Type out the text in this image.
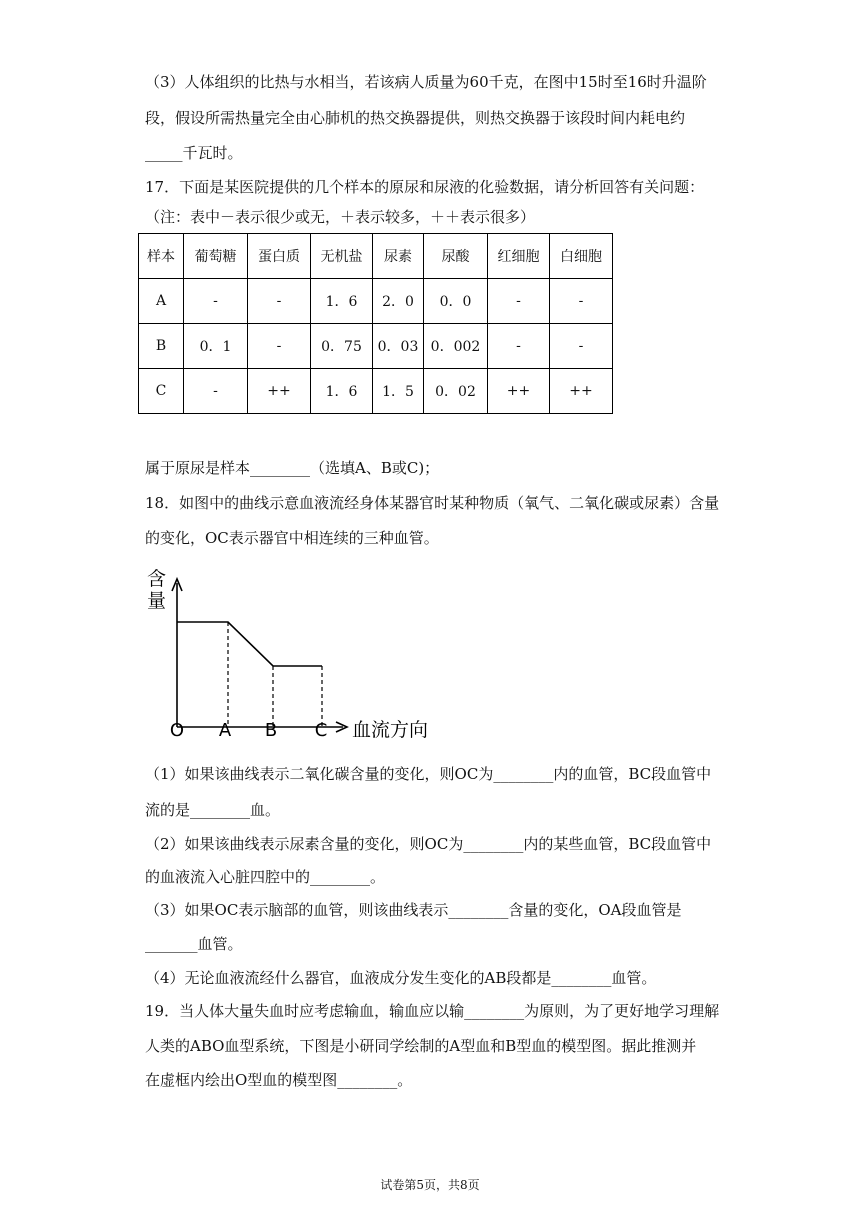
（3）人体组织的比热与水相当，若该病人质量为60千克，在图中15时至16时升温阶
段，假设所需热量完全由心肺机的热交换器提供，则热交换器于该段时间内耗电约
_____千瓦时。
17．下面是某医院提供的几个样本的原尿和尿液的化验数据，请分析回答有关问题：
（注：表中－表示很少或无，＋表示较多，＋＋表示很多）
样本	葡萄糖	蛋白质	无机盐	尿素	尿酸	红细胞	白细胞
A	-	-	1．6	2．0	0．0	-	-
B	0．1	-	0．75	0．03	0．002	-	-
C	-	++	1．6	1．5	0．02	++	++
属于原尿是样本________（选填A、B或C)；
18．如图中的曲线示意血液流经身体某器官时某种物质（氧气、二氧化碳或尿素）含量
的变化，OC表示器官中相连续的三种血管。
含
量
O A B C 血流方向
（1）如果该曲线表示二氧化碳含量的变化，则OC为________内的血管，BC段血管中
流的是________血。
（2）如果该曲线表示尿素含量的变化，则OC为________内的某些血管，BC段血管中
的血液流入心脏四腔中的________。
（3）如果OC表示脑部的血管，则该曲线表示________含量的变化，OA段血管是
_______血管。
（4）无论血液流经什么器官，血液成分发生变化的AB段都是________血管。
19．当人体大量失血时应考虑输血，输血应以输________为原则，为了更好地学习理解
人类的ABO血型系统，下图是小研同学绘制的A型血和B型血的模型图。据此推测并
在虚框内绘出O型血的模型图________。
试卷第5页，共8页
